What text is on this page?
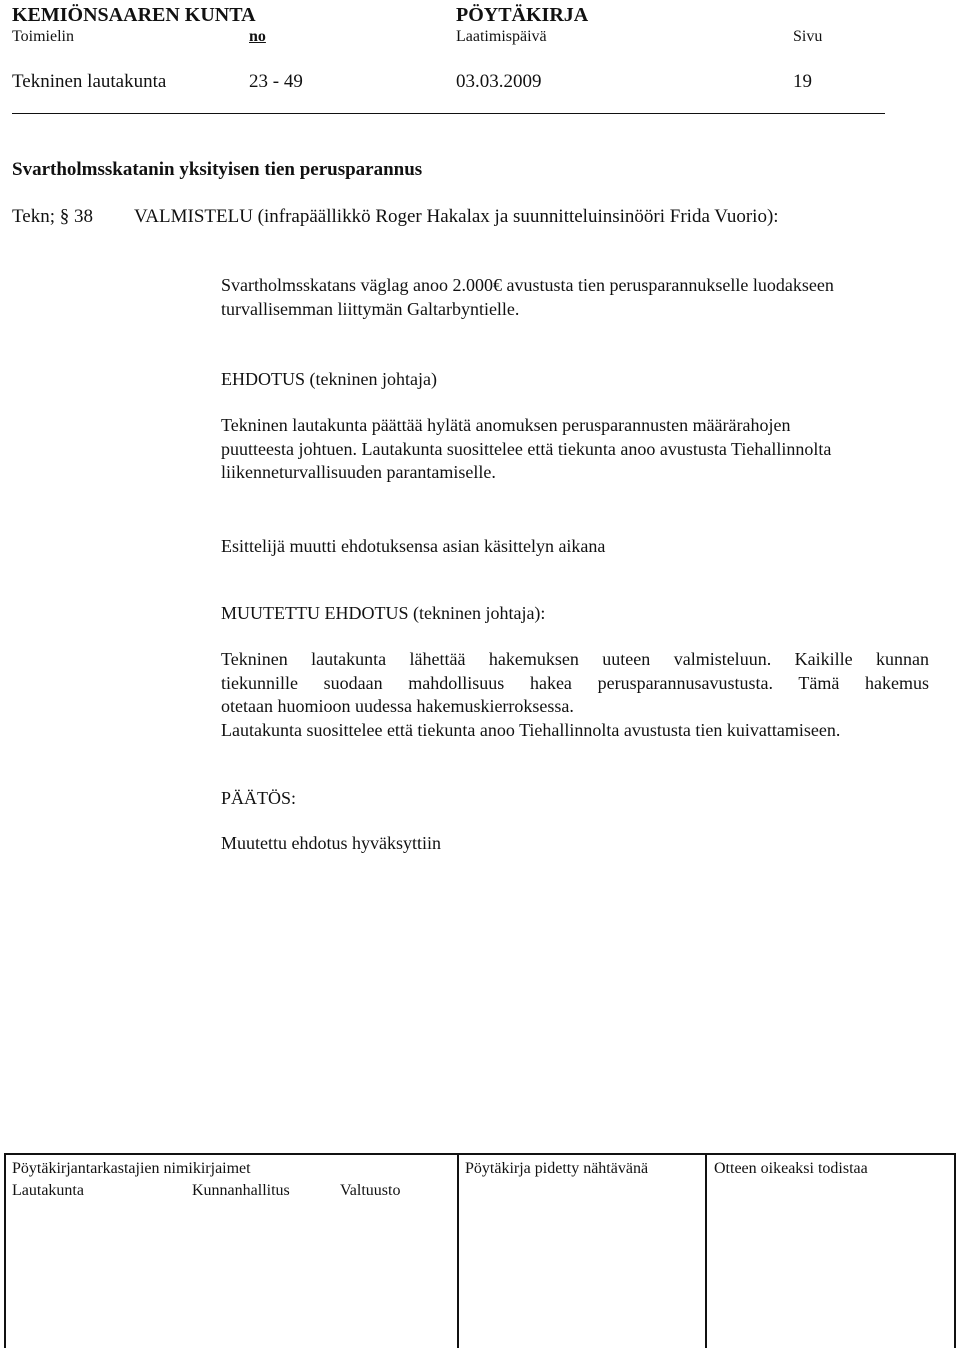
KEMIÖNSAAREN KUNTA	PÖYTÄKIRJA
Toimielin	no	Laatimispäivä	Sivu
Tekninen lautakunta	23 - 49	03.03.2009	19
Svartholmsskatanin yksityisen tien perusparannus
Tekn; § 38 VALMISTELU (infrapäällikkö Roger Hakalax ja suunnitteluinsinööri Frida Vuorio):
Svartholmsskatans väglag anoo 2.000€ avustusta tien perusparannukselle luodakseen
turvallisemman liittymän Galtarbyntielle.
EHDOTUS (tekninen johtaja)
Tekninen lautakunta päättää hylätä anomuksen perusparannusten määrärahojen
puutteesta johtuen. Lautakunta suosittelee että tiekunta anoo avustusta Tiehallinnolta
liikenneturvallisuuden parantamiselle.
Esittelijä muutti ehdotuksensa asian käsittelyn aikana
MUUTETTU EHDOTUS (tekninen johtaja):
Tekninen lautakunta lähettää hakemuksen uuteen valmisteluun. Kaikille kunnan
tiekunnille suodaan mahdollisuus hakea perusparannusavustusta. Tämä hakemus
otetaan huomioon uudessa hakemuskierroksessa.
Lautakunta suosittelee että tiekunta anoo Tiehallinnolta avustusta tien kuivattamiseen.
PÄÄTÖS:
Muutettu ehdotus hyväksyttiin
Pöytäkirjantarkastajien nimikirjaimet
Lautakunta	Kunnanhallitus	Valtuusto
Pöytäkirja pidetty nähtävänä	Otteen oikeaksi todistaa
